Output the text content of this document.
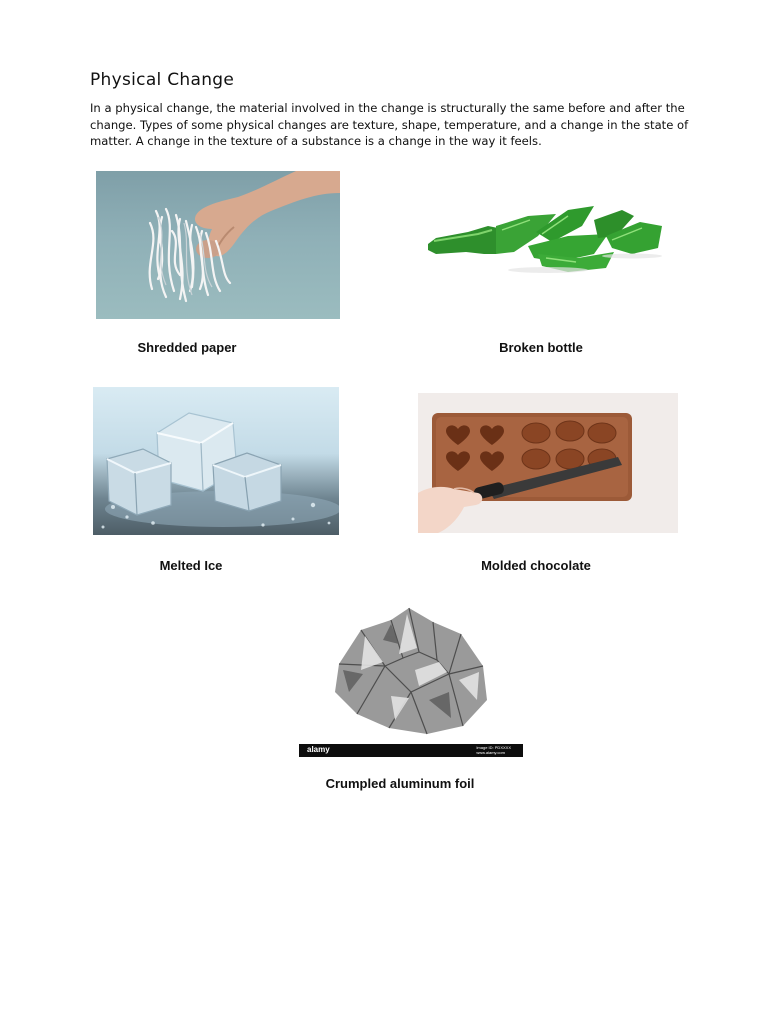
Physical Change

In a physical change, the material involved in the change is structurally the same before and after the change. Types of some physical changes are texture, shape, temperature, and a change in the state of matter. A change in the texture of a substance is a change in the way it feels.

Shredded paper	Broken bottle

Melted Ice	Molded chocolate

alamy	Image ID: PDXXXX
www.alamy.com

Crumpled aluminum foil
